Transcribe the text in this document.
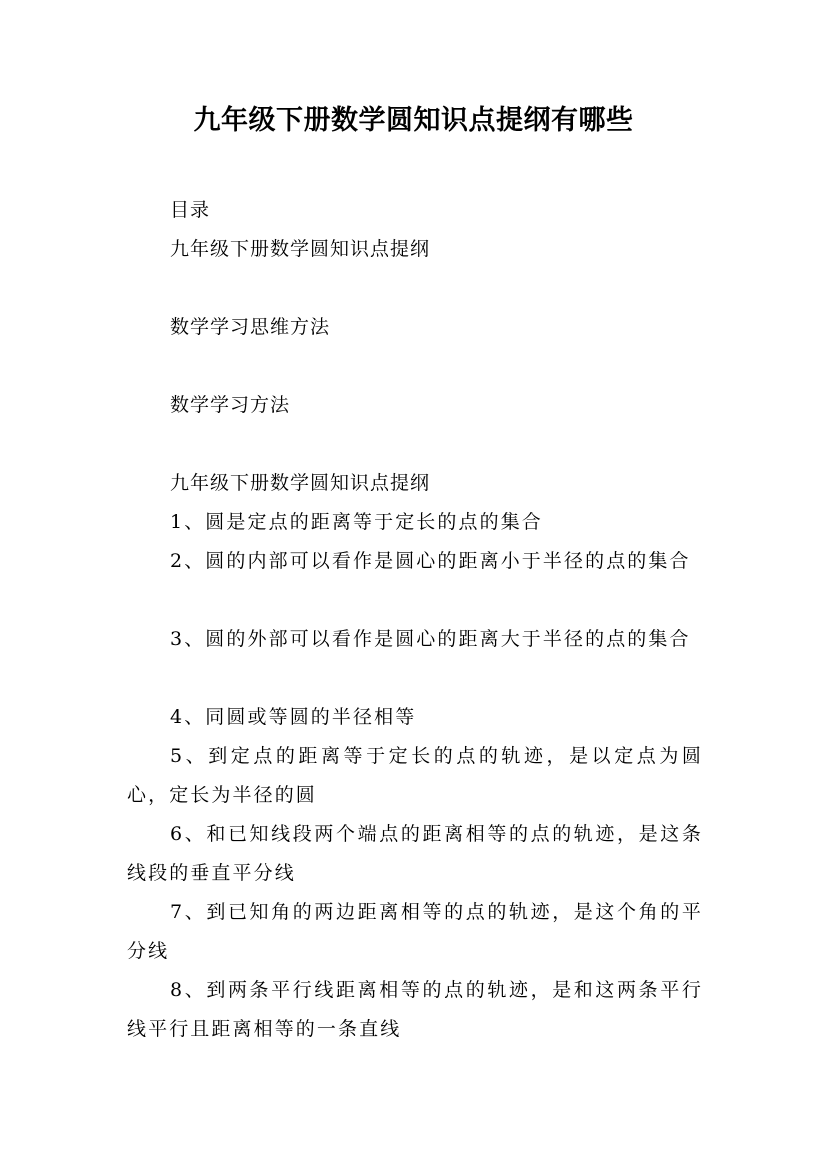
九年级下册数学圆知识点提纲有哪些
目录
九年级下册数学圆知识点提纲
数学学习思维方法
数学学习方法
九年级下册数学圆知识点提纲
1、圆是定点的距离等于定长的点的集合
2、圆的内部可以看作是圆心的距离小于半径的点的集合
3、圆的外部可以看作是圆心的距离大于半径的点的集合
4、同圆或等圆的半径相等
5、到定点的距离等于定长的点的轨迹，是以定点为圆心，定长为半径的圆
6、和已知线段两个端点的距离相等的点的轨迹，是这条线段的垂直平分线
7、到已知角的两边距离相等的点的轨迹，是这个角的平分线
8、到两条平行线距离相等的点的轨迹，是和这两条平行线平行且距离相等的一条直线
